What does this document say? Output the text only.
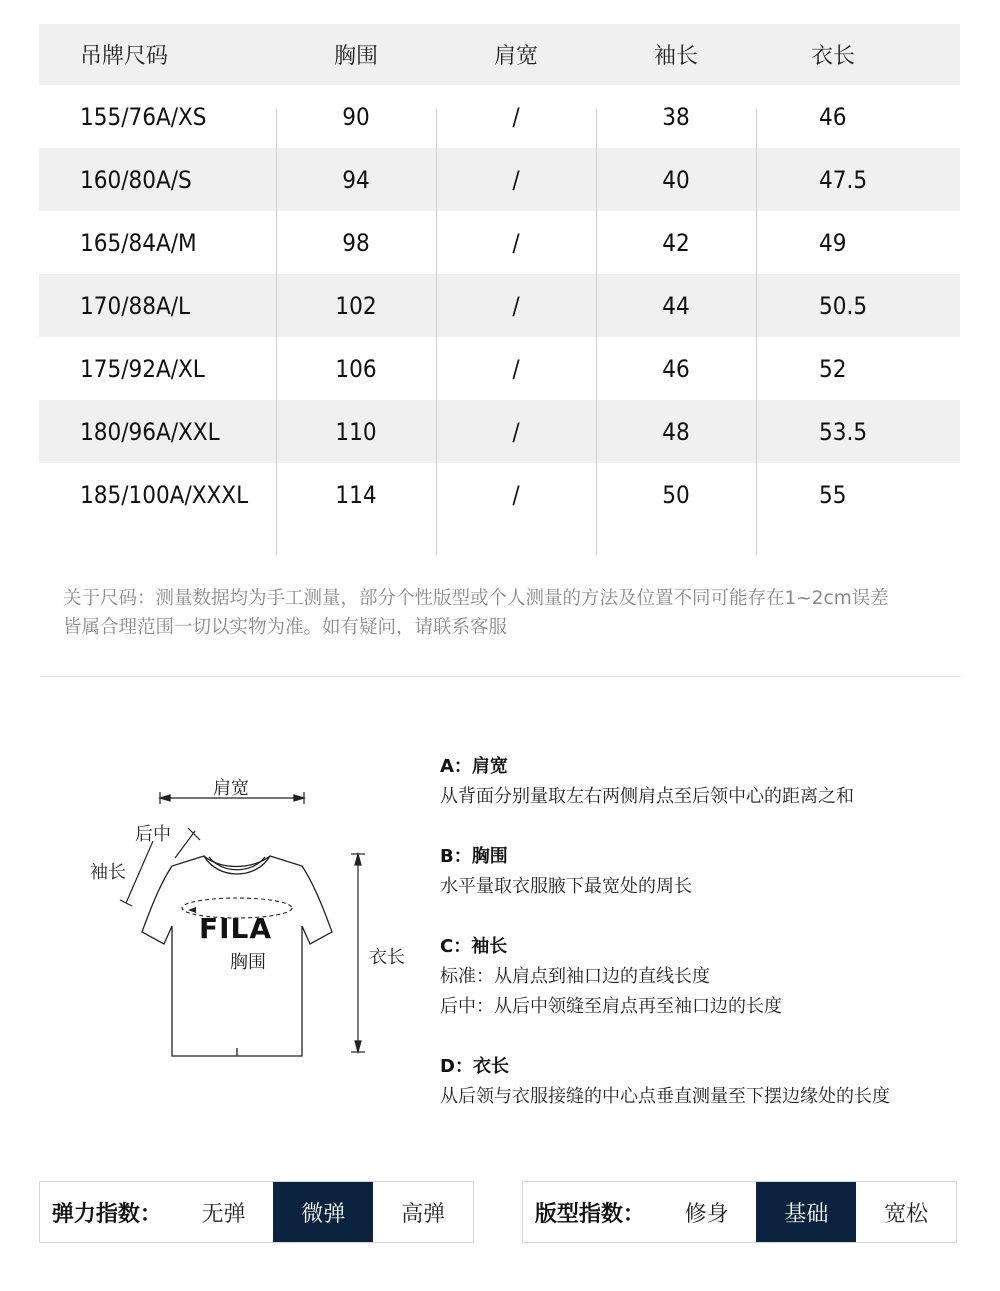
吊牌尺码	胸围	肩宽	袖长	衣长
155/76A/XS	90	/	38	46
160/80A/S	94	/	40	47.5
165/84A/M	98	/	42	49
170/88A/L	102	/	44	50.5
175/92A/XL	106	/	46	52
180/96A/XXL	110	/	48	53.5
185/100A/XXXL	114	/	50	55
关于尺码：测量数据均为手工测量，部分个性版型或个人测量的方法及位置不同可能存在1~2cm误差
皆属合理范围一切以实物为准。如有疑问，请联系客服
肩宽
后中
袖长
FILA
胸围	衣长
A：肩宽
从背面分别量取左右两侧肩点至后领中心的距离之和
B：胸围
水平量取衣服腋下最宽处的周长
C：袖长
标准：从肩点到袖口边的直线长度
后中：从后中领缝至肩点再至袖口边的长度
D：衣长
从后领与衣服接缝的中心点垂直测量至下摆边缘处的长度
弹力指数：	无弹	微弹	高弹	版型指数：	修身	基础	宽松
